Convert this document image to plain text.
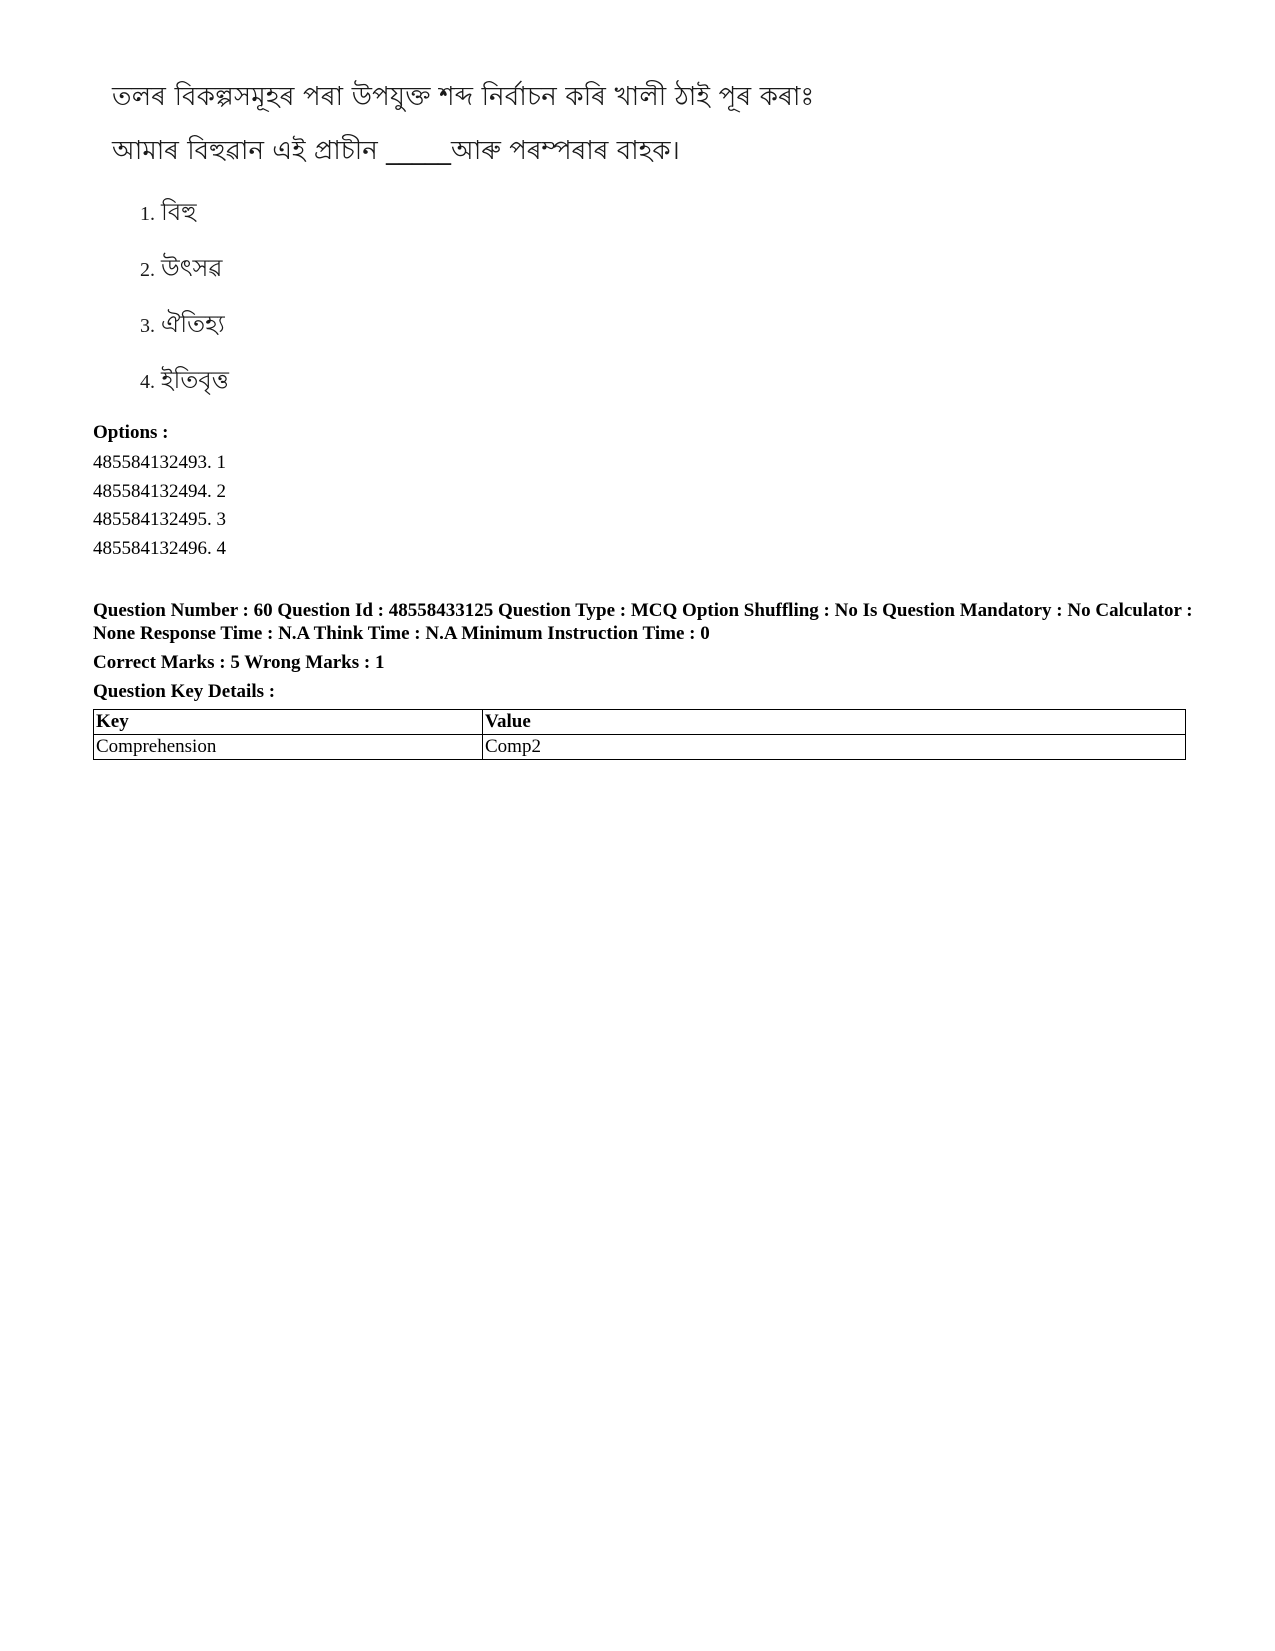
তলৰ বিকল্পসমূহৰ পৰা উপযুক্ত শব্দ নিৰ্বাচন কৰি খালী ঠাই পূৰ কৰাঃ
আমাৰ বিহুৱান এই প্ৰাচীন _____আৰু পৰম্পৰাৰ বাহক।
1. বিহু
2. উৎসৱ
3. ঐতিহ্য
4. ইতিবৃত্ত
Options :
485584132493. 1
485584132494. 2
485584132495. 3
485584132496. 4
Question Number : 60 Question Id : 48558433125 Question Type : MCQ Option Shuffling : No Is Question Mandatory : No Calculator : None Response Time : N.A Think Time : N.A Minimum Instruction Time : 0
Correct Marks : 5 Wrong Marks : 1
Question Key Details :
Key	Value
Comprehension	Comp2
